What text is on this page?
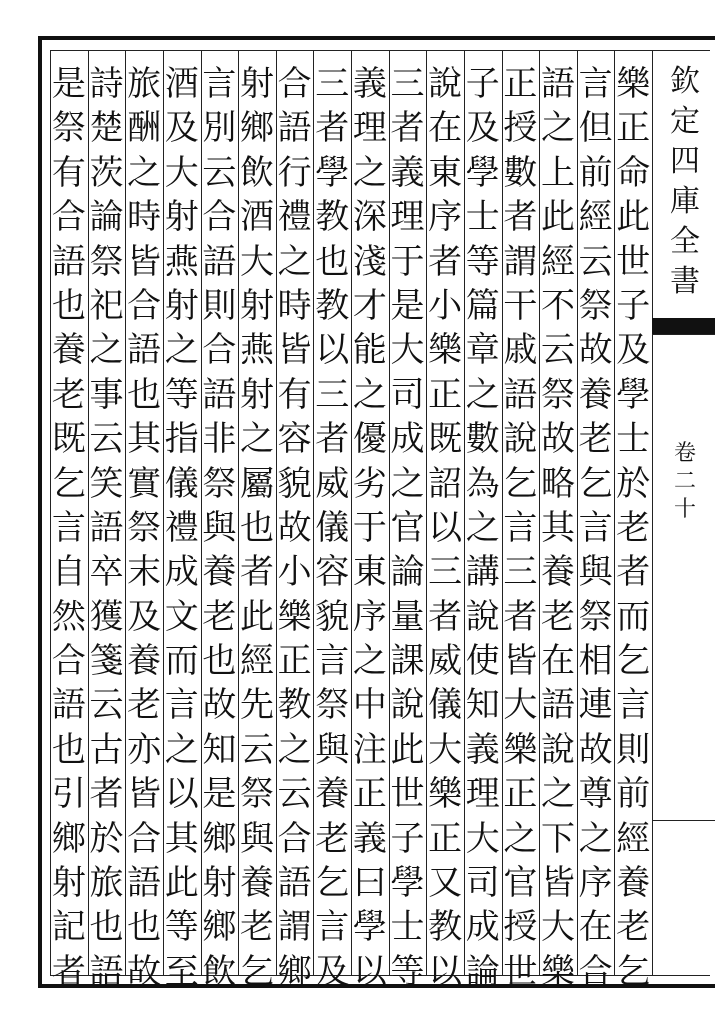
欽
定
四
庫
全
書
卷
二
十
樂
正
命
此
世
子
及
學
士
於
老
者
而
乞
言
則
前
經
養
老
乞
言
但
前
經
云
祭
故
養
老
乞
言
與
祭
相
連
故
尊
之
序
在
合
語
之
上
此
經
不
云
祭
故
略
其
養
老
在
語
說
之
下
皆
大
樂
正
授
數
者
謂
干
戚
語
說
乞
言
三
者
皆
大
樂
正
之
官
授
世
子
及
學
士
等
篇
章
之
數
為
之
講
說
使
知
義
理
大
司
成
論
說
在
東
序
者
小
樂
正
既
詔
以
三
者
威
儀
大
樂
正
又
教
以
三
者
義
理
于
是
大
司
成
之
官
論
量
課
說
此
世
子
學
士
等
義
理
之
深
淺
才
能
之
優
劣
于
東
序
之
中
注
正
義
曰
學
以
三
者
學
教
也
教
以
三
者
威
儀
容
貌
言
祭
與
養
老
乞
言
及
合
語
行
禮
之
時
皆
有
容
貌
故
小
樂
正
教
之
云
合
語
謂
鄉
射
鄉
飲
酒
大
射
燕
射
之
屬
也
者
此
經
先
云
祭
與
養
老
乞
言
別
云
合
語
則
合
語
非
祭
與
養
老
也
故
知
是
鄉
射
鄉
飲
酒
及
大
射
燕
射
之
等
指
儀
禮
成
文
而
言
之
以
其
此
等
至
旅
酬
之
時
皆
合
語
也
其
實
祭
末
及
養
老
亦
皆
合
語
也
故
詩
楚
茨
論
祭
祀
之
事
云
笑
語
卒
獲
箋
云
古
者
於
旅
也
語
是
祭
有
合
語
也
養
老
既
乞
言
自
然
合
語
也
引
鄉
射
記
者
